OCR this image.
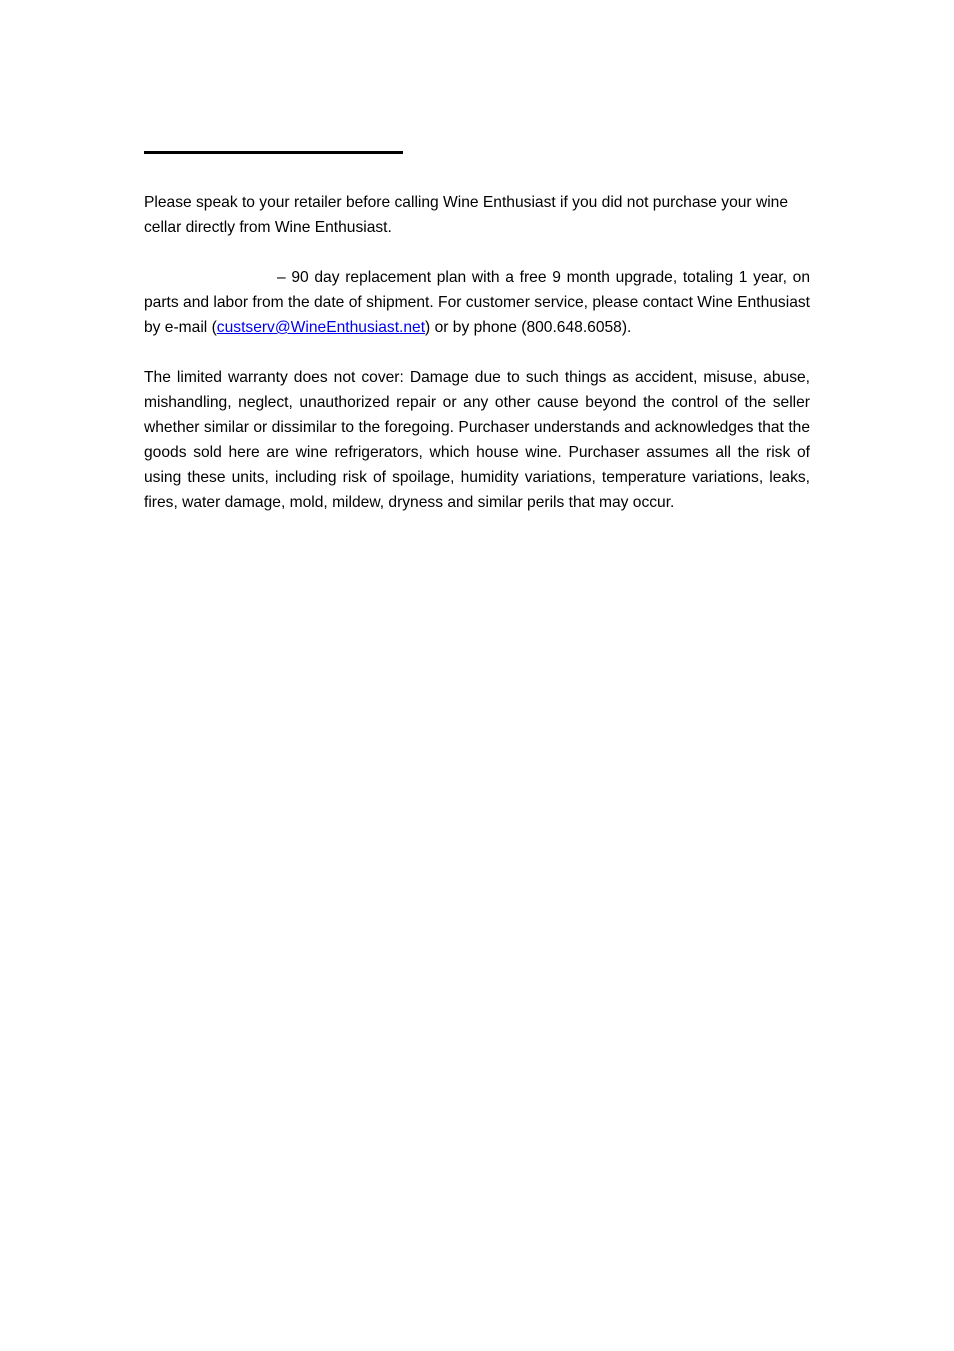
Please speak to your retailer before calling Wine Enthusiast if you did not purchase your wine cellar directly from Wine Enthusiast.

– 90 day replacement plan with a free 9 month upgrade, totaling 1 year, on parts and labor from the date of shipment. For customer service, please contact Wine Enthusiast by e-mail (custserv@WineEnthusiast.net) or by phone (800.648.6058).

The limited warranty does not cover: Damage due to such things as accident, misuse, abuse, mishandling, neglect, unauthorized repair or any other cause beyond the control of the seller whether similar or dissimilar to the foregoing. Purchaser understands and acknowledges that the goods sold here are wine refrigerators, which house wine. Purchaser assumes all the risk of using these units, including risk of spoilage, humidity variations, temperature variations, leaks, fires, water damage, mold, mildew, dryness and similar perils that may occur.
